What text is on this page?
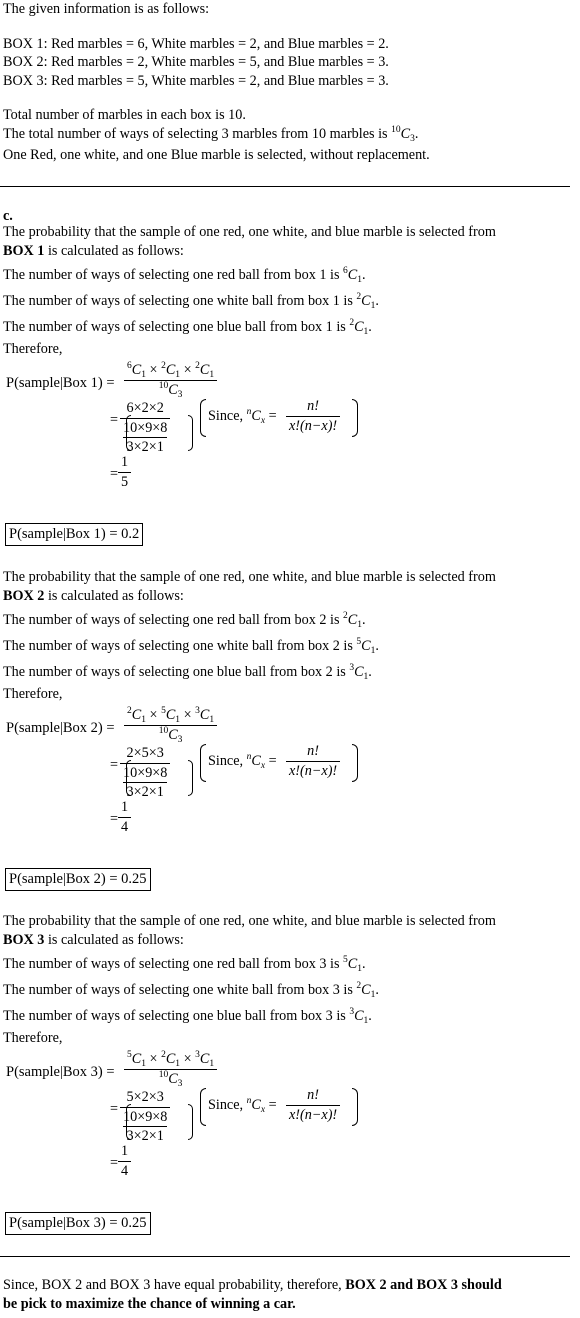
The given information is as follows:
BOX 1: Red marbles = 6, White marbles = 2, and Blue marbles = 2.
BOX 2: Red marbles = 2, White marbles = 5, and Blue marbles = 3.
BOX 3: Red marbles = 5, White marbles = 2, and Blue marbles = 3.
Total number of marbles in each box is 10.
The total number of ways of selecting 3 marbles from 10 marbles is $^{10}C_3$.
One Red, one white, and one Blue marble is selected, without replacement.
c.
The probability that the sample of one red, one white, and blue marble is selected from
BOX 1 is calculated as follows:
The number of ways of selecting one red ball from box 1 is $^6C_1$.
The number of ways of selecting one white ball from box 1 is $^2C_1$.
The number of ways of selecting one blue ball from box 1 is $^2C_1$.
Therefore,
P(sample|Box $1) = \frac{^6C_1 \times ^2C_1 \times ^2C_1}{^{10}C_3}$
= 6×2×2
10×9×8
3×2×1	Since, $^nC_x = \frac{n!}{x!(n-x)!}$
= $\frac{1}{5}$
P(sample|Box 1) = 0.2
The probability that the sample of one red, one white, and blue marble is selected from
BOX 2 is calculated as follows:
The number of ways of selecting one red ball from box 2 is $^2C_1$.
The number of ways of selecting one white ball from box 2 is $^5C_1$.
The number of ways of selecting one blue ball from box 2 is $^3C_1$.
Therefore,
P(sample|Box $2) = \frac{^2C_1 \times ^5C_1 \times ^3C_1}{^{10}C_3}$
= 2×5×3
10×9×8
3×2×1	Since, $^nC_x = \frac{n!}{x!(n-x)!}$
= $\frac{1}{4}$
P(sample|Box 2) = 0.25
The probability that the sample of one red, one white, and blue marble is selected from
BOX 3 is calculated as follows:
The number of ways of selecting one red ball from box 3 is $^5C_1$.
The number of ways of selecting one white ball from box 3 is $^2C_1$.
The number of ways of selecting one blue ball from box 3 is $^3C_1$.
Therefore,
P(sample|Box $3) = \frac{^5C_1 \times ^2C_1 \times ^3C_1}{^{10}C_3}$
= 5×2×3
10×9×8
3×2×1	Since, $^nC_x = \frac{n!}{x!(n-x)!}$
= $\frac{1}{4}$
P(sample|Box 3) = 0.25
Since, BOX 2 and BOX 3 have equal probability, therefore, BOX 2 and BOX 3 should
be pick to maximize the chance of winning a car.
